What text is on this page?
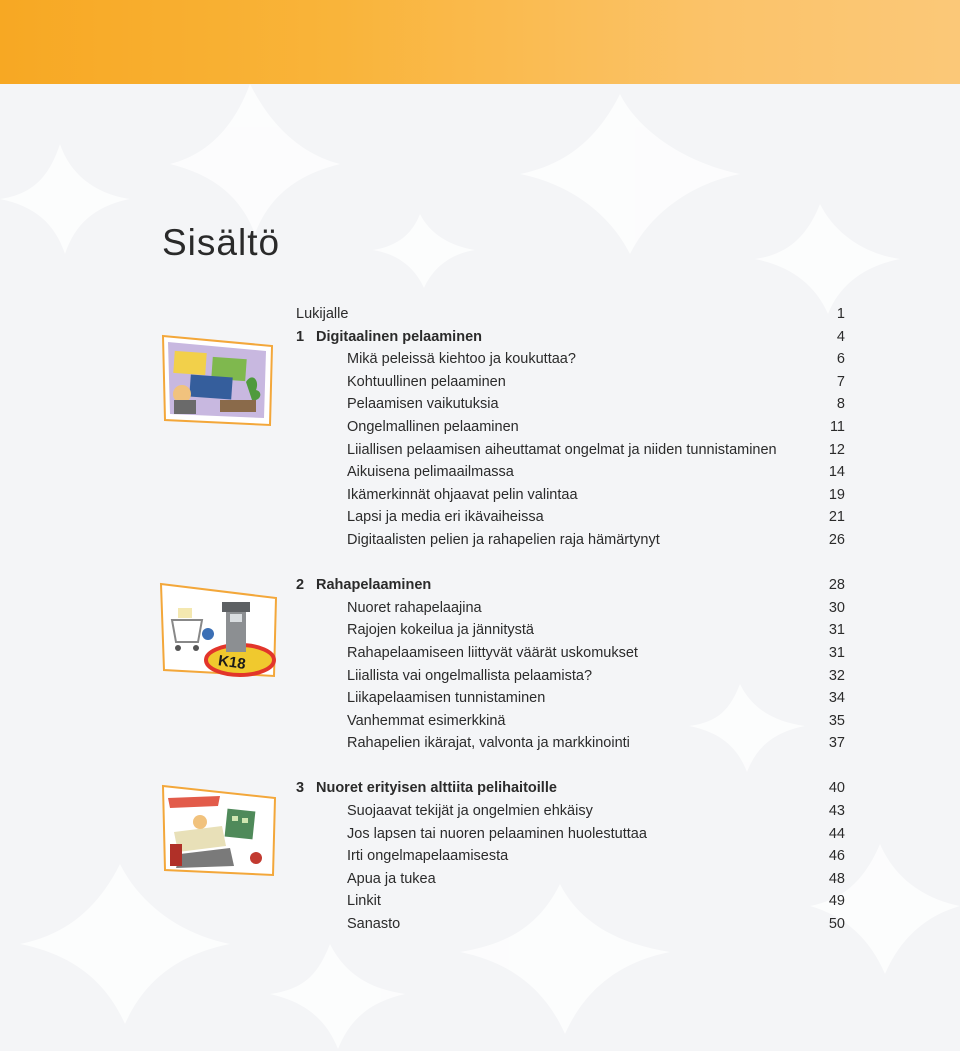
Sisältö
K18
Lukijalle	1
1 Digitaalinen pelaaminen	4
Mikä peleissä kiehtoo ja koukuttaa?	6
Kohtuullinen pelaaminen	7
Pelaamisen vaikutuksia	8
Ongelmallinen pelaaminen	11
Liiallisen pelaamisen aiheuttamat ongelmat ja niiden tunnistaminen	12
Aikuisena pelimaailmassa	14
Ikämerkinnät ohjaavat pelin valintaa	19
Lapsi ja media eri ikävaiheissa	21
Digitaalisten pelien ja rahapelien raja hämärtynyt	26
2 Rahapelaaminen	28
Nuoret rahapelaajina	30
Rajojen kokeilua ja jännitystä	31
Rahapelaamiseen liittyvät väärät uskomukset	31
Liiallista vai ongelmallista pelaamista?	32
Liikapelaamisen tunnistaminen	34
Vanhemmat esimerkkinä	35
Rahapelien ikärajat, valvonta ja markkinointi	37
3 Nuoret erityisen alttiita pelihaitoille	40
Suojaavat tekijät ja ongelmien ehkäisy	43
Jos lapsen tai nuoren pelaaminen huolestuttaa	44
Irti ongelmapelaamisesta	46
Apua ja tukea	48
Linkit	49
Sanasto	50
